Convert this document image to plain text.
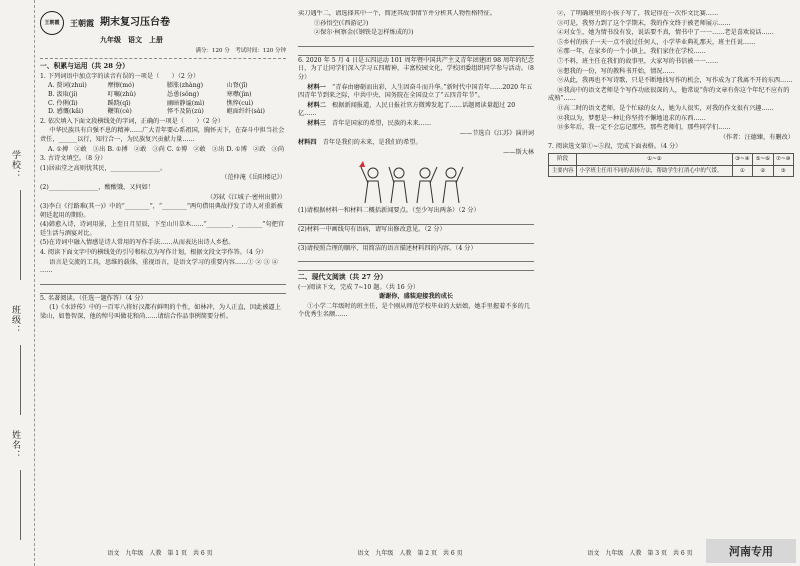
学校：
班级：
姓名：
王朝霞 王朝霞 期末复习压台卷
九年级　语文　上册
满分：120 分　考试时间：120 分钟
一、积累与运用（共 28 分）

1. 下列词语中加点字的读音有误的一项是（　　）（2 分）

A. 赘词(zhuì)	摩擦(mó)	膨胀(zhàng)	山脊(jǐ)
B. 汲取(jí)	叮嘱(zhǔ)	怂恿(sǒng)	寒噤(jìn)
C. 伶俐(lì)	蹊跷(qī)	幽暗静谧(mì)	憔悴(cuì)
D. 感慨(kǎi)	鞭策(cè)	悴不及防(zú)	岖面纤纤(sài)

2. 依次填入下面文段横线处的字词，正确的一项是（　　）（2 分）

中华民族具有自强不息的精神……广大青年要心系祖国，胸怀天下，在奋斗中担当社会责任，______以行，知行合一，为民族复兴贡献力量……

A. ①搏　②敢　③出 B. ①搏　②敢　③尚 C. ①博　②敢　③出 D. ①博　②政　③尚

3. 古诗文填空。（8 分）

(1)居庙堂之高则忧其民，________________。

（范仲淹《岳阳楼记》）

(2)________________，酸酸饿，又何如！

（苏轼《江城子·密州出猎》）

(3)李白《行路难(其一)》中的“________”，“________”两句借用典故抒发了诗人对重新被朝廷起用的期盼。

(4)韩愈入诗，诗词用景，上至日月星辰，下至山川草木……“________，________”句把宫廷生活与酒宴对比。

(5)在诗词中融入情感是诗人常用的写作手法……从而表达出诗人乡愁。

4. 阅读下面文字中的横线处的引号和标点为写作计划，根据文段文字作答。（4 分）

语言是交流的工具，思维的载体，重视语言，是语文学习的重要内容……① ② ③ ④ ……

5. 名著阅读。（任选一题作答）（4 分）

(1)《水浒传》中的一百零八将好汉都有鲜明的个性，如林冲，为人正直，因此被逼上梁山，如鲁智深，他的绰号叫做花和尚……请结合作品事例简要分析。

卖刀遇牛二，请选择其中一个，简述其故事情节并分析其人物性格特征。

①孙悟空(《西游记》)

②保尔·柯察金(《钢铁是怎样炼成的》)

6. 2020 年 5 月 4 日是五四运动 101 周年暨中国共产主义青年团建团 98 周年的纪念日，为了让同学们深入学习五四精神，丰富校园文化，学校团委组织同学参与活动。（8 分）

材料一　 “青春由磨砺而出彩，人生因奋斗而升华。”新时代中国青年……2020 年五四青年节到来之际，中共中央、国务院在全国设立了“五四青年节”。

材料二　 根据新闻报道，人民日报社官方微博发起了……话题阅读量超过 20 亿……

材料三　 青年是国家的希望，民族的未来……

——节选自《江苏》演讲词

材料四　 青年是我们的未来，是我们的希望。

——斯大林

(1)请根据材料一和材料二概括新闻要点。（至少写出两条）（2 分）

(2)材料一中画线句有语病，请写出修改意见。（2 分）

(3)请按照合理的顺序，用简洁的语言描述材料四的内容。（4 分）

二、现代文阅读（共 27 分）

(一)阅读下文，完成 7~10 题。（共 16 分）

谢谢你，盛装迎接我的成长

①小学二年级时的班主任，是个刚从师范学校毕业的大姑娘，她手里握着不多的几个优秀生名额……

②，了明确班里的小孩子写了，我记得在一次作文比赛……

③可是，我努力到了这个学期末，我的作文终于被老师展示……

④对女生，她为情书没有发，说话要不真，情书中了一一……老是喜欢说话……

⑤乡村的孩子一天一点不放过任何人，小学毕业典礼那天，班主任说……

⑥那一年，在家乡的一个小镇上，我们家住在学校……

⑦不料，班主任在我们的故事里，大家写的书信被一一……

⑧想我的一份，写的教科书开始，情况……

⑨从此，我再也不写诗歌，只是不断地找写作的机会，写作成为了我离不开的东西……

⑩我高中的语文老师是个写作功底很深的人，他常说“你的文章有你这个年纪不应有的成熟”……

⑪高二时的语文老师，是个忙碌的女人，她为人很实，对我的作文很有兴趣……

⑫我以为，梦想是一种让你坚持不懈地追求的东西……

⑬多年后，我一定不会忘记那些，那些老师们，那些同学们……

（作者：汪德臻，有删改）

7. 阅读选文第①~⑤段，完成下面表格。（4 分）

阶段	①~②	③~④	⑤~⑥	⑦~⑩
主要内容	小学班主任用不同的表扬方法，帮助学生打消心中的气馁。	①	②	③
语文　九年级　人教　第 1 页　共 6 页	语文　九年级　人教　第 2 页　共 6 页	语文　九年级　人教　第 3 页　共 6 页	河南专用
